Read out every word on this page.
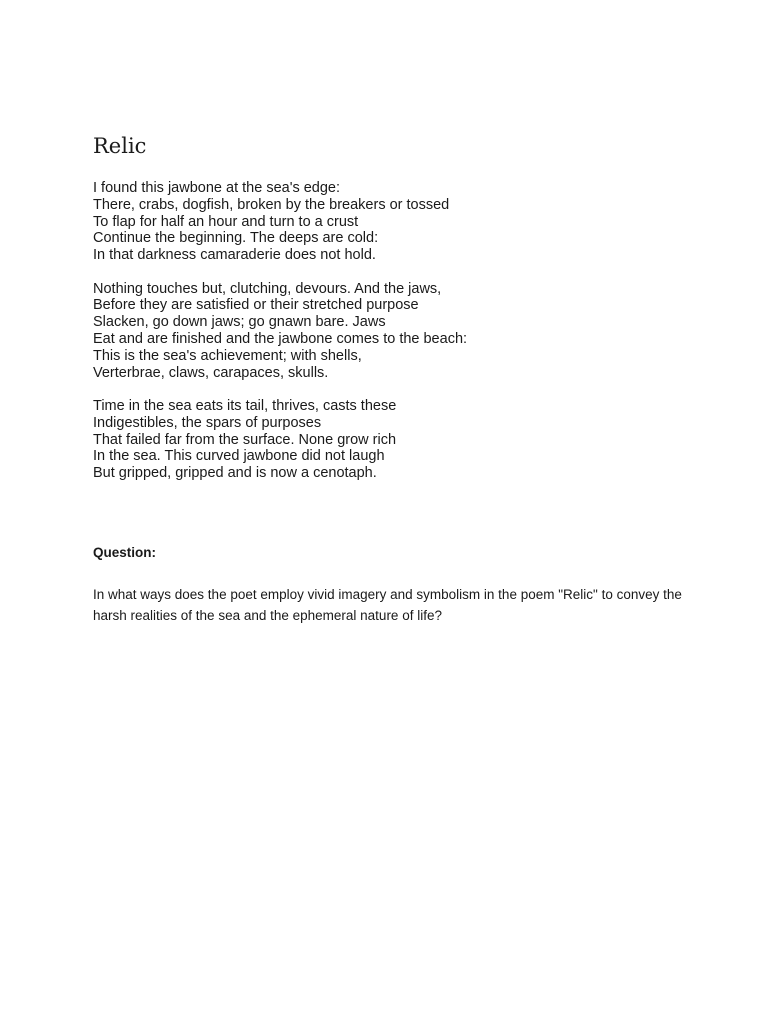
Relic

I found this jawbone at the sea's edge:
There, crabs, dogfish, broken by the breakers or tossed
To flap for half an hour and turn to a crust
Continue the beginning. The deeps are cold:
In that darkness camaraderie does not hold.

Nothing touches but, clutching, devours. And the jaws,
Before they are satisfied or their stretched purpose
Slacken, go down jaws; go gnawn bare. Jaws
Eat and are finished and the jawbone comes to the beach:
This is the sea's achievement; with shells,
Verterbrae, claws, carapaces, skulls.

Time in the sea eats its tail, thrives, casts these
Indigestibles, the spars of purposes
That failed far from the surface. None grow rich
In the sea. This curved jawbone did not laugh
But gripped, gripped and is now a cenotaph.

Question:

In what ways does the poet employ vivid imagery and symbolism in the poem "Relic" to convey the harsh realities of the sea and the ephemeral nature of life?
